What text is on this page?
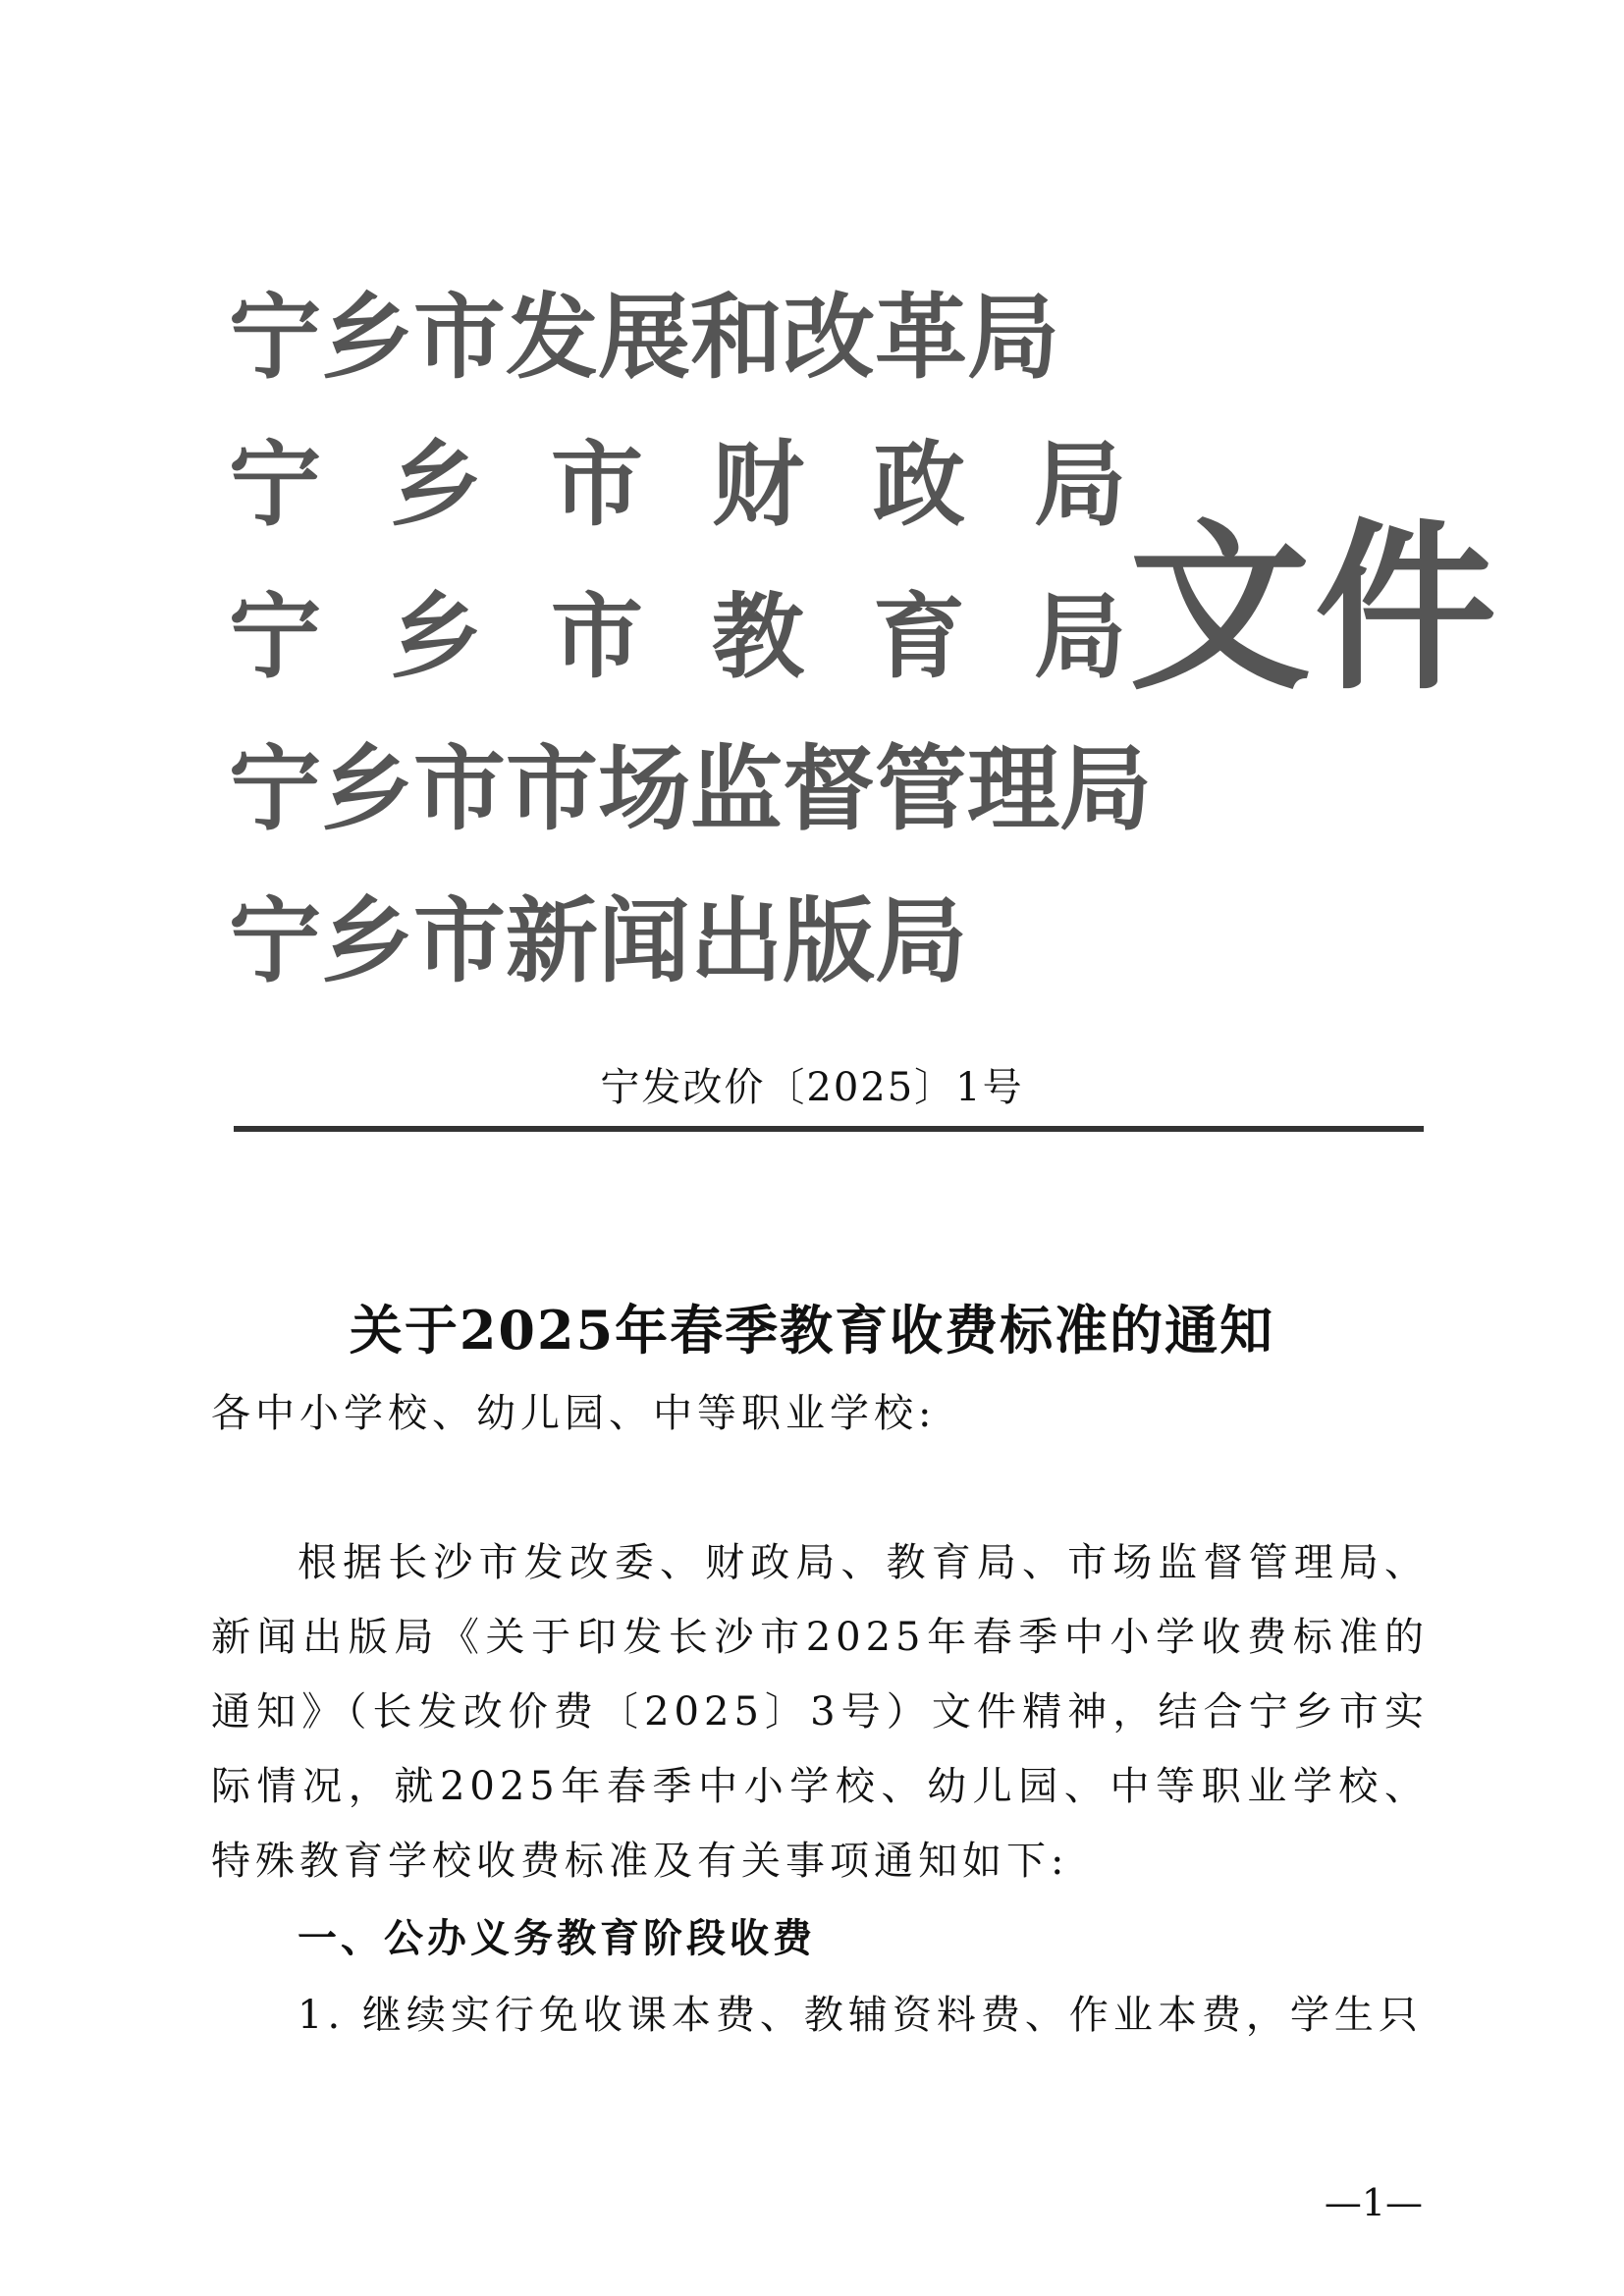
宁乡市发展和改革局
宁乡市财政局
宁乡市教育局
宁乡市市场监督管理局
宁乡市新闻出版局
文件
宁发改价〔2025〕1号
关于2025年春季教育收费标准的通知
各中小学校、幼儿园、中等职业学校:

根据长沙市发改委、财政局、教育局、市场监督管理局、新闻出版局《关于印发长沙市2025年春季中小学收费标准的通知》（长发改价费〔2025〕3号）文件精神，结合宁乡市实际情况，就2025年春季中小学校、幼儿园、中等职业学校、特殊教育学校收费标准及有关事项通知如下:

一、公办义务教育阶段收费
1. 继续实行免收课本费、教辅资料费、作业本费，学生只
—1—
